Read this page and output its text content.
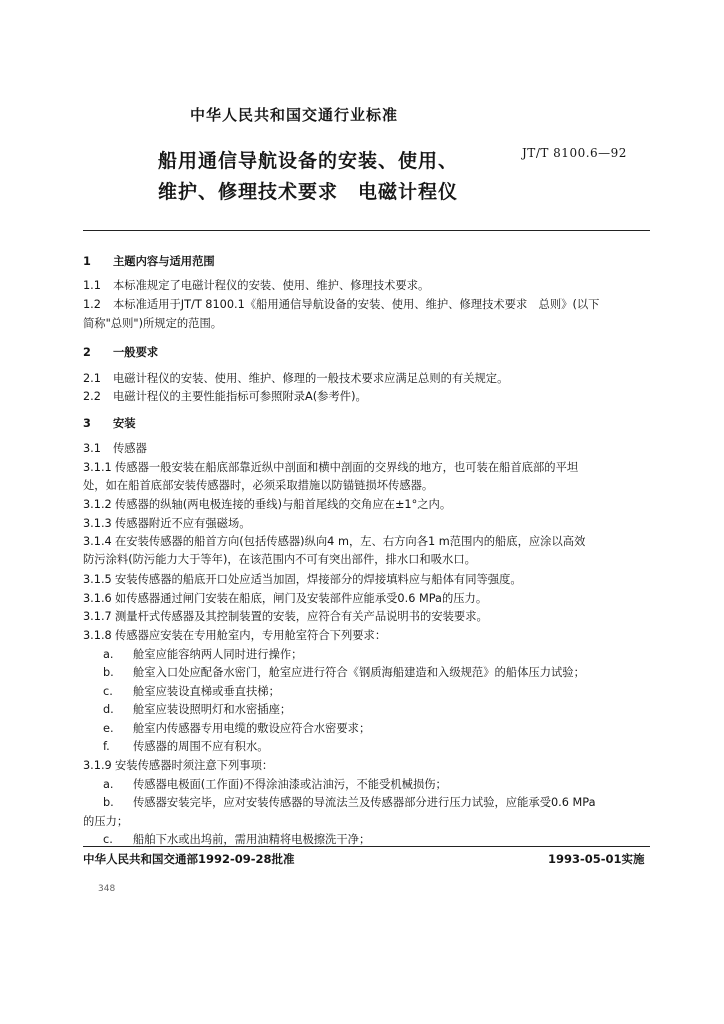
中华人民共和国交通行业标准
JT/T 8100.6—92
船用通信导航设备的安装、使用、
维护、修理技术要求　电磁计程仪
1 主题内容与适用范围
1.1 本标准规定了电磁计程仪的安装、使用、维护、修理技术要求。
1.2 本标准适用于JT/T 8100.1《船用通信导航设备的安装、使用、维护、修理技术要求　总则》(以下
简称"总则")所规定的范围。
2 一般要求
2.1 电磁计程仪的安装、使用、维护、修理的一般技术要求应满足总则的有关规定。
2.2 电磁计程仪的主要性能指标可参照附录A(参考件)。
3 安装
3.1 传感器
3.1.1 传感器一般安装在船底部靠近纵中剖面和横中剖面的交界线的地方，也可装在船首底部的平坦
处，如在船首底部安装传感器时，必须采取措施以防锚链损坏传感器。
3.1.2 传感器的纵轴(两电极连接的垂线)与船首尾线的交角应在±1°之内。
3.1.3 传感器附近不应有强磁场。
3.1.4 在安装传感器的船首方向(包括传感器)纵向4 m，左、右方向各1 m范围内的船底，应涂以高效
防污涂料(防污能力大于等年)，在该范围内不可有突出部件，排水口和吸水口。
3.1.5 安装传感器的船底开口处应适当加固，焊接部分的焊接填料应与船体有同等强度。
3.1.6 如传感器通过闸门安装在船底，闸门及安装部件应能承受0.6 MPa的压力。
3.1.7 测量杆式传感器及其控制装置的安装，应符合有关产品说明书的安装要求。
3.1.8 传感器应安装在专用舱室内，专用舱室符合下列要求：
a. 舱室应能容纳两人同时进行操作；
b. 舱室入口处应配备水密门，舱室应进行符合《钢质海船建造和入级规范》的船体压力试验；
c. 舱室应装设直梯或垂直扶梯；
d. 舱室应装设照明灯和水密插座；
e. 舱室内传感器专用电缆的敷设应符合水密要求；
f. 传感器的周围不应有积水。
3.1.9 安装传感器时须注意下列事项：
a. 传感器电极面(工作面)不得涂油漆或沾油污，不能受机械损伤；
b. 传感器安装完毕，应对安装传感器的导流法兰及传感器部分进行压力试验，应能承受0.6 MPa
的压力；
c. 船舶下水或出坞前，需用油精将电极擦洗干净；
中华人民共和国交通部1992-09-28批准	1993-05-01实施
348
